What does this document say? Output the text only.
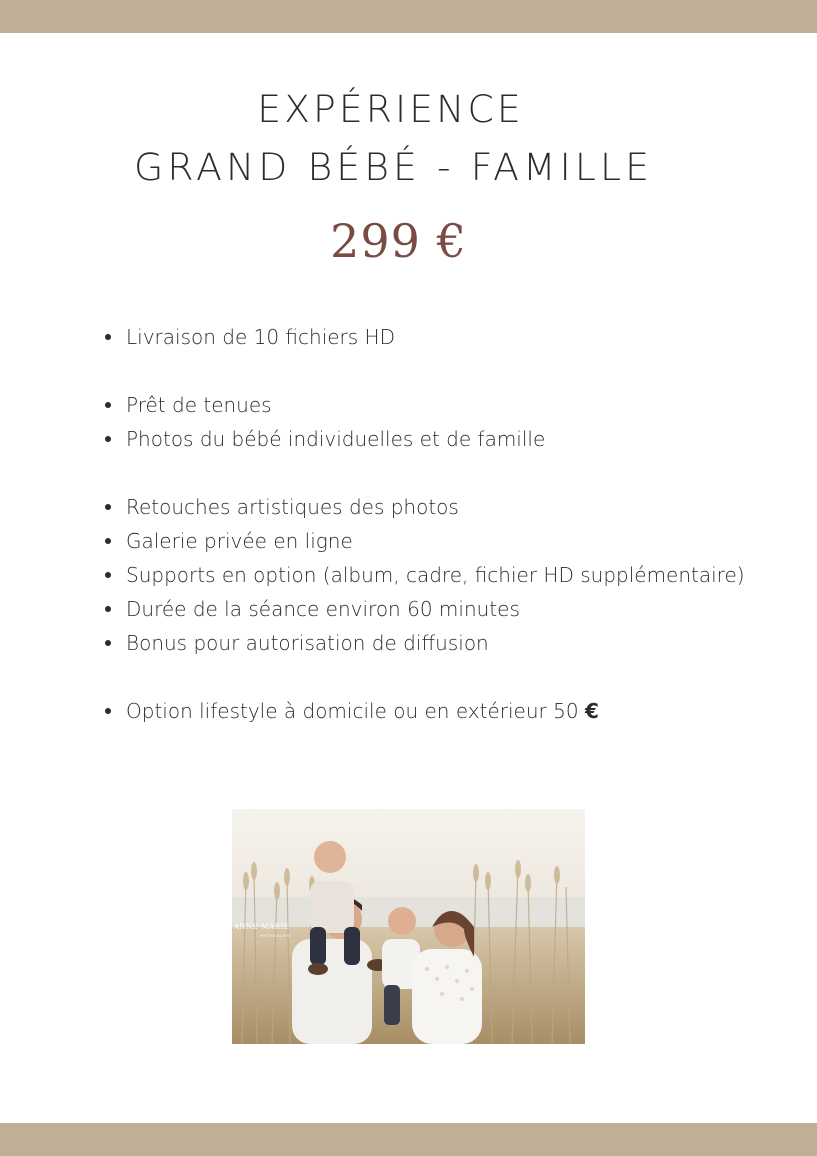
EXPÉRIENCE
GRAND BÉBÉ - FAMILLE
299 €
Livraison de 10 fichiers HD
Prêt de tenues
Photos du bébé individuelles et de famille
Retouches artistiques des photos
Galerie privée en ligne
Supports en option (album, cadre, fichier HD supplémentaire)
Durée de la séance environ 60 minutes
Bonus pour autorisation de diffusion
Option lifestyle à domicile ou en extérieur 50 €
ANNE-MARIE
PHOTOGRAPHE
